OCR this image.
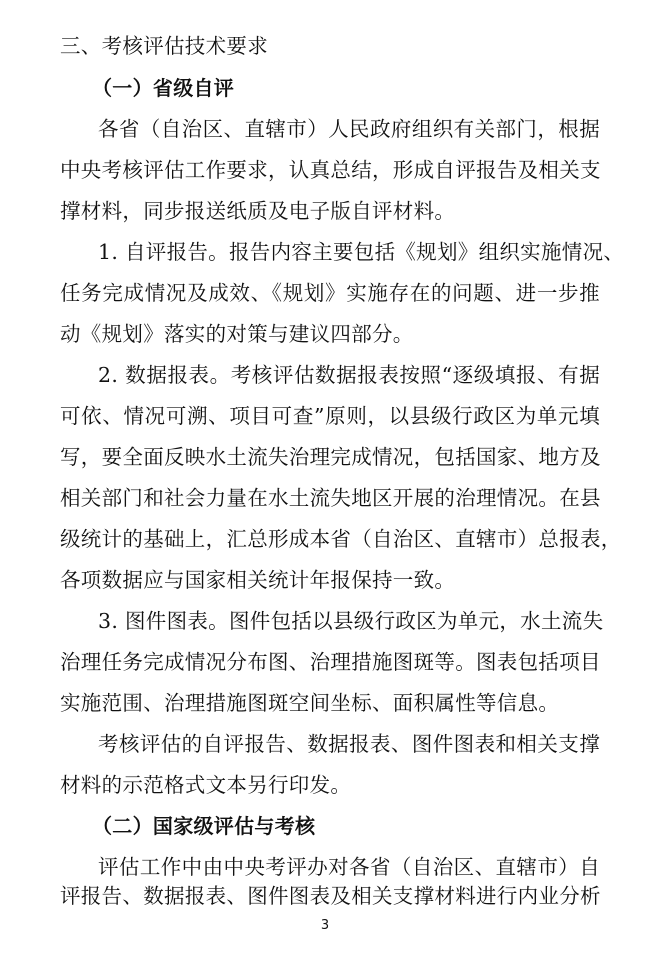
三、考核评估技术要求
（一）省级自评
各省（自治区、直辖市）人民政府组织有关部门，根据
中央考核评估工作要求，认真总结，形成自评报告及相关支
撑材料，同步报送纸质及电子版自评材料。
1. 自评报告。报告内容主要包括《规划》组织实施情况、
任务完成情况及成效、《规划》实施存在的问题、进一步推
动《规划》落实的对策与建议四部分。
2. 数据报表。考核评估数据报表按照“逐级填报、有据
可依、情况可溯、项目可查”原则，以县级行政区为单元填
写，要全面反映水土流失治理完成情况，包括国家、地方及
相关部门和社会力量在水土流失地区开展的治理情况。在县
级统计的基础上，汇总形成本省（自治区、直辖市）总报表，
各项数据应与国家相关统计年报保持一致。
3. 图件图表。图件包括以县级行政区为单元，水土流失
治理任务完成情况分布图、治理措施图斑等。图表包括项目
实施范围、治理措施图斑空间坐标、面积属性等信息。
考核评估的自评报告、数据报表、图件图表和相关支撑
材料的示范格式文本另行印发。
（二）国家级评估与考核
评估工作中由中央考评办对各省（自治区、直辖市）自
评报告、数据报表、图件图表及相关支撑材料进行内业分析
3
